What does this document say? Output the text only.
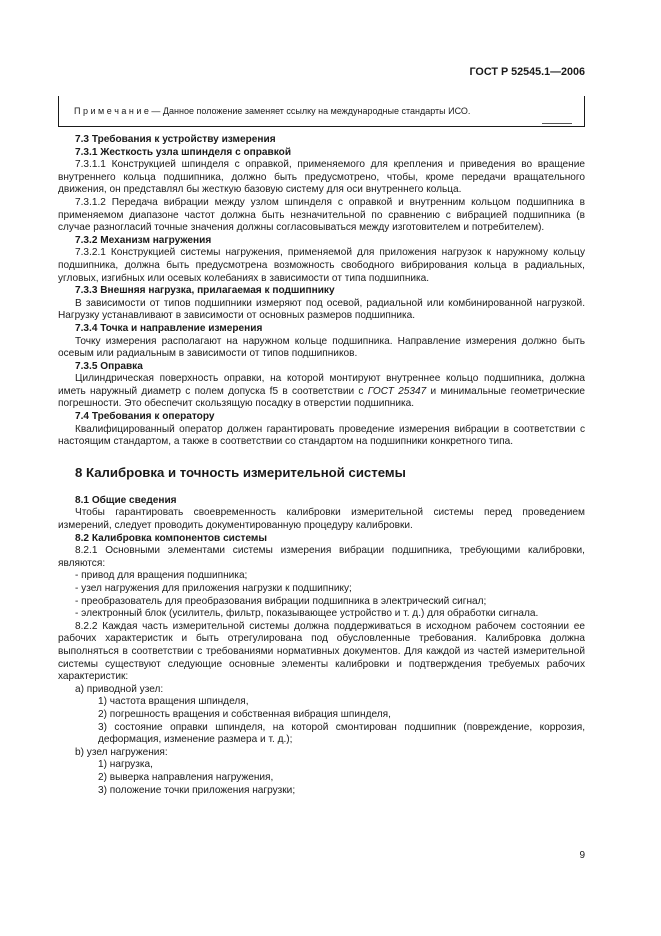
ГОСТ Р 52545.1—2006
П р и м е ч а н и е — Данное положение заменяет ссылку на международные стандарты ИСО.

7.3 Требования к устройству измерения

7.3.1 Жесткость узла шпинделя с оправкой

7.3.1.1 Конструкцией шпинделя с оправкой, применяемого для крепления и приведения во вращение внутреннего кольца подшипника, должно быть предусмотрено, чтобы, кроме передачи вращательного движения, он представлял бы жесткую базовую систему для оси внутреннего кольца.

7.3.1.2 Передача вибрации между узлом шпинделя с оправкой и внутренним кольцом подшипника в применяемом диапазоне частот должна быть незначительной по сравнению с вибрацией подшипника (в случае разногласий точные значения должны согласовываться между изготовителем и потребителем).

7.3.2 Механизм нагружения

7.3.2.1 Конструкцией системы нагружения, применяемой для приложения нагрузок к наружному кольцу подшипника, должна быть предусмотрена возможность свободного вибрирования кольца в радиальных, угловых, изгибных или осевых колебаниях в зависимости от типа подшипника.

7.3.3 Внешняя нагрузка, прилагаемая к подшипнику

В зависимости от типов подшипники измеряют под осевой, радиальной или комбинированной нагрузкой. Нагрузку устанавливают в зависимости от основных размеров подшипника.

7.3.4 Точка и направление измерения

Точку измерения располагают на наружном кольце подшипника. Направление измерения должно быть осевым или радиальным в зависимости от типов подшипников.

7.3.5 Оправка

Цилиндрическая поверхность оправки, на которой монтируют внутреннее кольцо подшипника, должна иметь наружный диаметр с полем допуска f5 в соответствии с ГОСТ 25347 и минимальные геометрические погрешности. Это обеспечит скользящую посадку в отверстии подшипника.

7.4 Требования к оператору

Квалифицированный оператор должен гарантировать проведение измерения вибрации в соответствии с настоящим стандартом, а также в соответствии со стандартом на подшипники конкретного типа.

8 Калибровка и точность измерительной системы

8.1 Общие сведения

Чтобы гарантировать своевременность калибровки измерительной системы перед проведением измерений, следует проводить документированную процедуру калибровки.

8.2 Калибровка компонентов системы

8.2.1 Основными элементами системы измерения вибрации подшипника, требующими калибровки, являются:

- привод для вращения подшипника;

- узел нагружения для приложения нагрузки к подшипнику;

- преобразователь для преобразования вибрации подшипника в электрический сигнал;

- электронный блок (усилитель, фильтр, показывающее устройство и т. д.) для обработки сигнала.

8.2.2 Каждая часть измерительной системы должна поддерживаться в исходном рабочем состоянии ее рабочих характеристик и быть отрегулирована под обусловленные требования. Калибровка должна выполняться в соответствии с требованиями нормативных документов. Для каждой из частей измерительной системы существуют следующие основные элементы калибровки и подтверждения требуемых рабочих характеристик:

a) приводной узел:

1) частота вращения шпинделя,

2) погрешность вращения и собственная вибрация шпинделя,

3) состояние оправки шпинделя, на которой смонтирован подшипник (повреждение, коррозия, деформация, изменение размера и т. д.);

b) узел нагружения:

1) нагрузка,

2) выверка направления нагружения,

3) положение точки приложения нагрузки;

9
